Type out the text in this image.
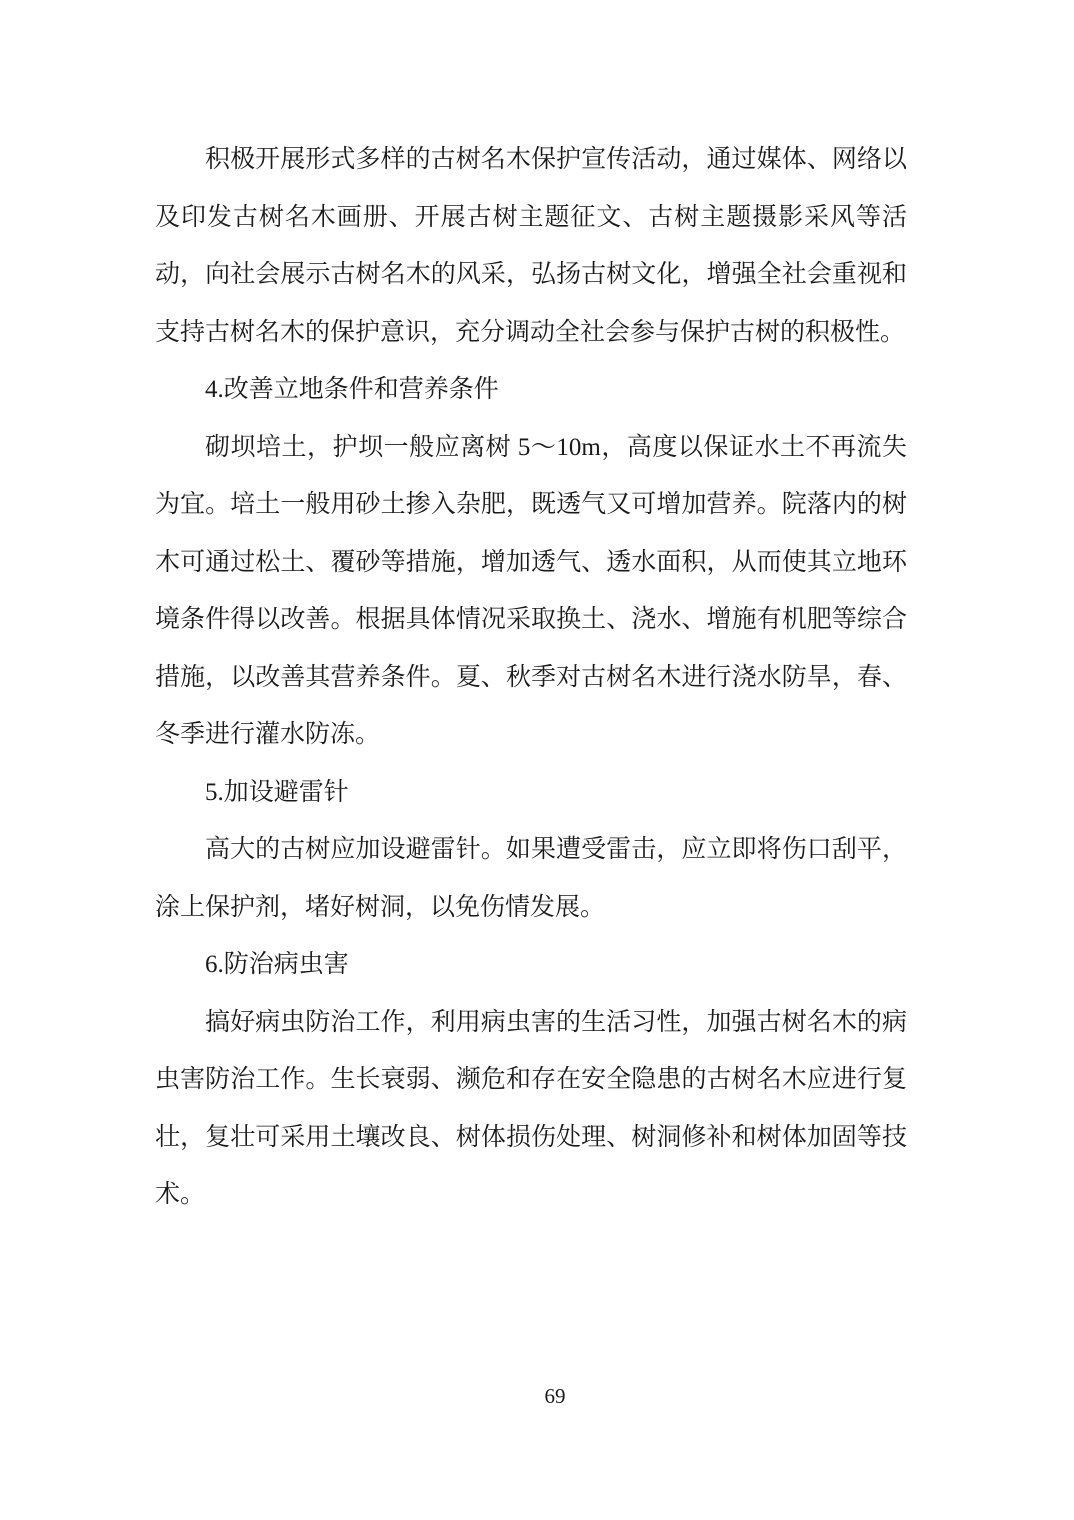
积极开展形式多样的古树名木保护宣传活动，通过媒体、网络以及印发古树名木画册、开展古树主题征文、古树主题摄影采风等活动，向社会展示古树名木的风采，弘扬古树文化，增强全社会重视和支持古树名木的保护意识，充分调动全社会参与保护古树的积极性。

4.改善立地条件和营养条件

砌坝培土，护坝一般应离树 5～10m，高度以保证水土不再流失为宜。培土一般用砂土掺入杂肥，既透气又可增加营养。院落内的树木可通过松土、覆砂等措施，增加透气、透水面积，从而使其立地环境条件得以改善。根据具体情况采取换土、浇水、增施有机肥等综合措施，以改善其营养条件。夏、秋季对古树名木进行浇水防旱，春、冬季进行灌水防冻。

5.加设避雷针

高大的古树应加设避雷针。如果遭受雷击，应立即将伤口刮平，涂上保护剂，堵好树洞，以免伤情发展。

6.防治病虫害

搞好病虫防治工作，利用病虫害的生活习性，加强古树名木的病虫害防治工作。生长衰弱、濒危和存在安全隐患的古树名木应进行复壮，复壮可采用土壤改良、树体损伤处理、树洞修补和树体加固等技术。

69
